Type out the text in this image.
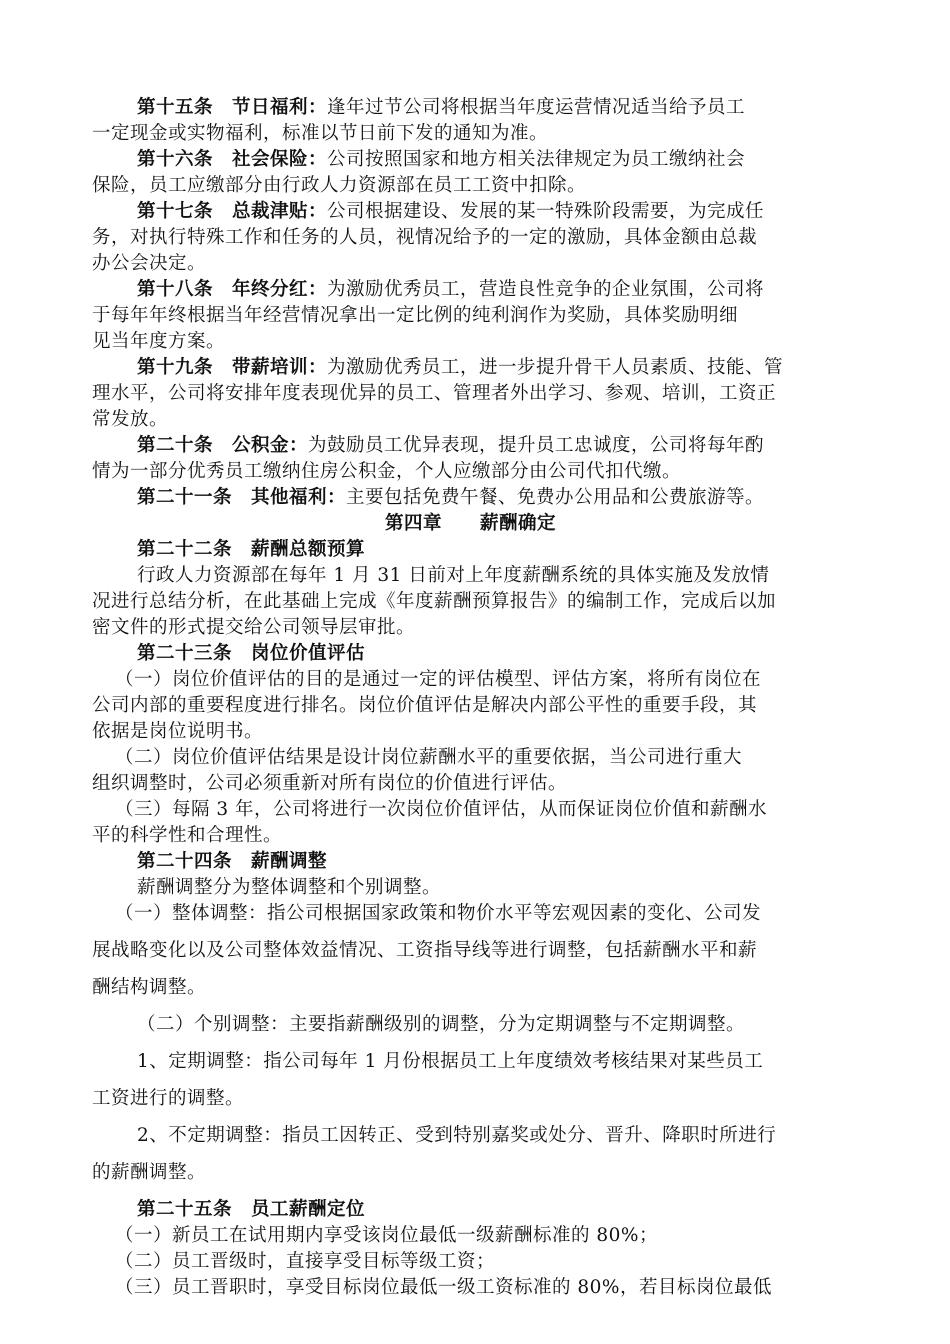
第十五条　节日福利：逢年过节公司将根据当年度运营情况适当给予员工
一定现金或实物福利，标准以节日前下发的通知为准。
第十六条　社会保险：公司按照国家和地方相关法律规定为员工缴纳社会
保险，员工应缴部分由行政人力资源部在员工工资中扣除。
第十七条　总裁津贴：公司根据建设、发展的某一特殊阶段需要，为完成任
务，对执行特殊工作和任务的人员，视情况给予的一定的激励，具体金额由总裁
办公会决定。
第十八条　年终分红：为激励优秀员工，营造良性竞争的企业氛围，公司将
于每年年终根据当年经营情况拿出一定比例的纯利润作为奖励，具体奖励明细
见当年度方案。
第十九条　带薪培训：为激励优秀员工，进一步提升骨干人员素质、技能、管
理水平，公司将安排年度表现优异的员工、管理者外出学习、参观、培训，工资正
常发放。
第二十条　公积金：为鼓励员工优异表现，提升员工忠诚度，公司将每年酌
情为一部分优秀员工缴纳住房公积金，个人应缴部分由公司代扣代缴。
第二十一条　其他福利：主要包括免费午餐、免费办公用品和公费旅游等。
第四章　　薪酬确定
第二十二条　薪酬总额预算
行政人力资源部在每年 1 月 31 日前对上年度薪酬系统的具体实施及发放情
况进行总结分析，在此基础上完成《年度薪酬预算报告》的编制工作，完成后以加
密文件的形式提交给公司领导层审批。
第二十三条　岗位价值评估
（一）岗位价值评估的目的是通过一定的评估模型、评估方案，将所有岗位在
公司内部的重要程度进行排名。岗位价值评估是解决内部公平性的重要手段，其
依据是岗位说明书。
（二）岗位价值评估结果是设计岗位薪酬水平的重要依据，当公司进行重大
组织调整时，公司必须重新对所有岗位的价值进行评估。
（三）每隔 3 年，公司将进行一次岗位价值评估，从而保证岗位价值和薪酬水
平的科学性和合理性。
第二十四条　薪酬调整
薪酬调整分为整体调整和个别调整。
（一）整体调整：指公司根据国家政策和物价水平等宏观因素的变化、公司发
展战略变化以及公司整体效益情况、工资指导线等进行调整，包括薪酬水平和薪
酬结构调整。
（二）个别调整：主要指薪酬级别的调整，分为定期调整与不定期调整。
1、定期调整：指公司每年 1 月份根据员工上年度绩效考核结果对某些员工
工资进行的调整。
2、不定期调整：指员工因转正、受到特别嘉奖或处分、晋升、降职时所进行
的薪酬调整。
第二十五条　员工薪酬定位
（一）新员工在试用期内享受该岗位最低一级薪酬标准的 80%；
（二）员工晋级时，直接享受目标等级工资；
（三）员工晋职时，享受目标岗位最低一级工资标准的 80%，若目标岗位最低
